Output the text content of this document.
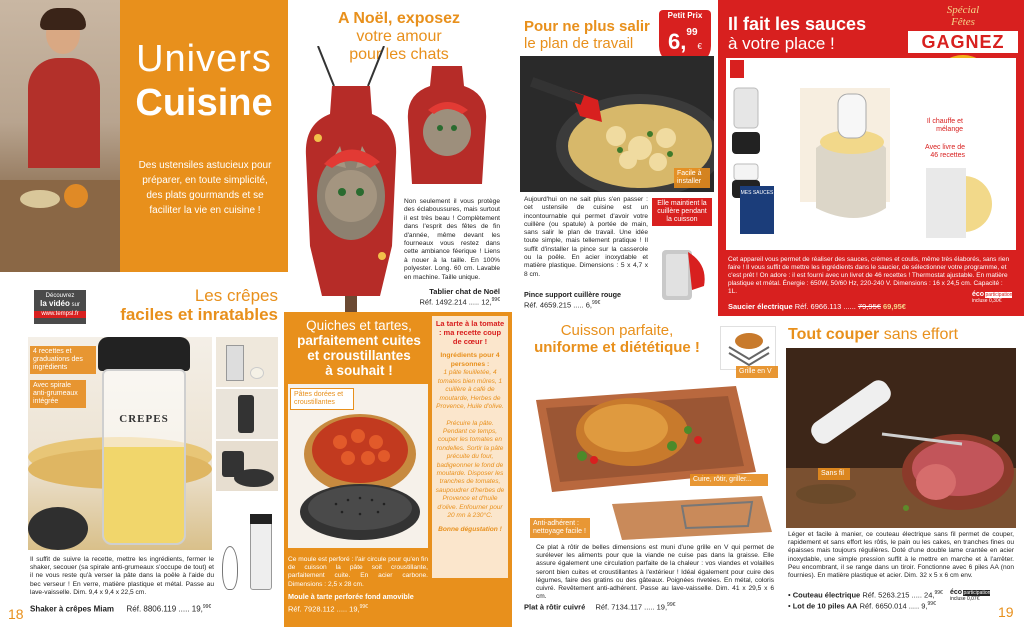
Univers
Cuisine
Des ustensiles astucieux pour préparer, en toute simplicité, des plats gourmands et se faciliter la vie en cuisine !
A Noël, exposez
votre amour
pour les chats
Non seulement il vous protège des éclaboussures, mais surtout il est très beau ! Complètement dans l'esprit des fêtes de fin d'année, même devant les fourneaux vous restez dans cette ambiance féerique ! Liens à nouer à la taille. En 100% polyester. Long. 60 cm. Lavable en machine. Taille unique.
Tablier chat de Noël
Réf. 1492.214 ..... 12,$^{99€}$
Découvrez
la vidéo sur
www.tempsl.fr
Les crêpes
faciles et inratables
CREPES
4 recettes et graduations des ingrédients
Avec spirale anti-grumeaux intégrée
Il suffit de suivre la recette, mettre les ingrédients, fermer le shaker, secouer (sa spirale anti-grumeaux s'occupe de tout) et il ne vous reste qu'à verser la pâte dans la poêle à l'aide du bec verseur ! En verre, matière plastique et métal. Passe au lave-vaisselle. Dim. 9,4 x 9,4 x 22,5 cm.
Shaker à crêpes Miam Réf. 8806.119 ..... 19,$^{99€}$
Quiches et tartes,
parfaitement cuites
et croustillantes
à souhait !
Pâtes dorées et croustillantes
Ce moule est perforé : l'air circule pour qu'en fin de cuisson la pâte soit croustillante, parfaitement cuite. En acier carbone. Dimensions : 2,5 x 28 cm.
Moule à tarte perforée fond amovible
Réf. 7928.112 ..... 19,$^{99€}$
La tarte à la tomate : ma recette coup de cœur !
Ingrédients pour 4 personnes :
1 pâte feuilletée, 4 tomates bien mûres, 1 cuillère à café de moutarde, Herbes de Provence, Huile d'olive.
Précuire la pâte. Pendant ce temps, couper les tomates en rondelles. Sortir la pâte précuite du four, badigeonner le fond de moutarde. Disposer les tranches de tomates, saupoudrer d'herbes de Provence et d'huile d'olive. Enfourner pour 20 mn à 230°C.
Bonne dégustation !
18
Pour ne plus salir
le plan de travail
Petit Prix
6,99€
Facile à installer
Aujourd'hui on ne sait plus s'en passer : cet ustensile de cuisine est un incontournable qui permet d'avoir votre cuillère (ou spatule) à portée de main, sans salir le plan de travail. Une idée toute simple, mais tellement pratique ! Il suffit d'installer la pince sur la casserole ou la poêle. En acier inoxydable et matière plastique. Dimensions : 5 x 4,7 x 8 cm.
Elle maintient la cuillère pendant la cuisson
Pince support cuillère rouge
Réf. 4659.215 ..... 6,$^{99€}$
Il fait les sauces
à votre place !
Spécial
Fêtes
GAGNEZ
MES SAUCES
Il chauffe et mélange
Avec livre de 46 recettes
Cet appareil vous permet de réaliser des sauces, crèmes et coulis, même très élaborés, sans rien faire ! Il vous suffit de mettre les ingrédients dans le saucier, de sélectionner votre programme, et c'est prêt ! On adore : il est fourni avec un livret de 46 recettes ! Thermostat ajustable. En matière plastique et métal. Énergie : 650W, 50/60 Hz, 220-240 V. Dimensions : 16 x 24,5 cm. Capacité : 1L.
Saucier électrique Réf. 6966.113 ...... 79,95€ 69,95€
éco participation
incluse 0,30€
Cuisson parfaite,
uniforme et diététique !
Grille en V
Cuire, rôtir, griller...
Anti-adhérent : nettoyage facile !
Ce plat à rôtir de belles dimensions est muni d'une grille en V qui permet de surélever les aliments pour que la viande ne cuise pas dans la graisse. Elle assure également une circulation parfaite de la chaleur : vos viandes et volailles seront bien cuites et croustillantes à l'extérieur ! Idéal également pour cuire des légumes, faire des gratins ou des gâteaux. Poignées rivetées. En métal, coloris cuivré. Revêtement anti-adhérent. Passe au lave-vaisselle. Dim. 41 x 29,5 x 6 cm.
Plat à rôtir cuivré Réf. 7134.117 ..... 19,$^{99€}$
Tout couper sans effort
Sans fil
Léger et facile à manier, ce couteau électrique sans fil permet de couper, rapidement et sans effort les rôtis, le pain ou les cakes, en tranches fines ou épaisses mais toujours régulières. Doté d'une double lame crantée en acier inoxydable, une simple pression suffit à le mettre en marche et à l'arrêter. Peu encombrant, il se range dans un tiroir. Fonctionne avec 6 piles AA (non fournies). En matière plastique et acier. Dim. 32 x 5 x 6 cm env.
• Couteau électrique Réf. 5263.215 ..... 24,$^{99€}$
• Lot de 10 piles AA Réf. 6650.014 ..... 9,$^{99€}$
éco participation
incluse 0,07€
19
